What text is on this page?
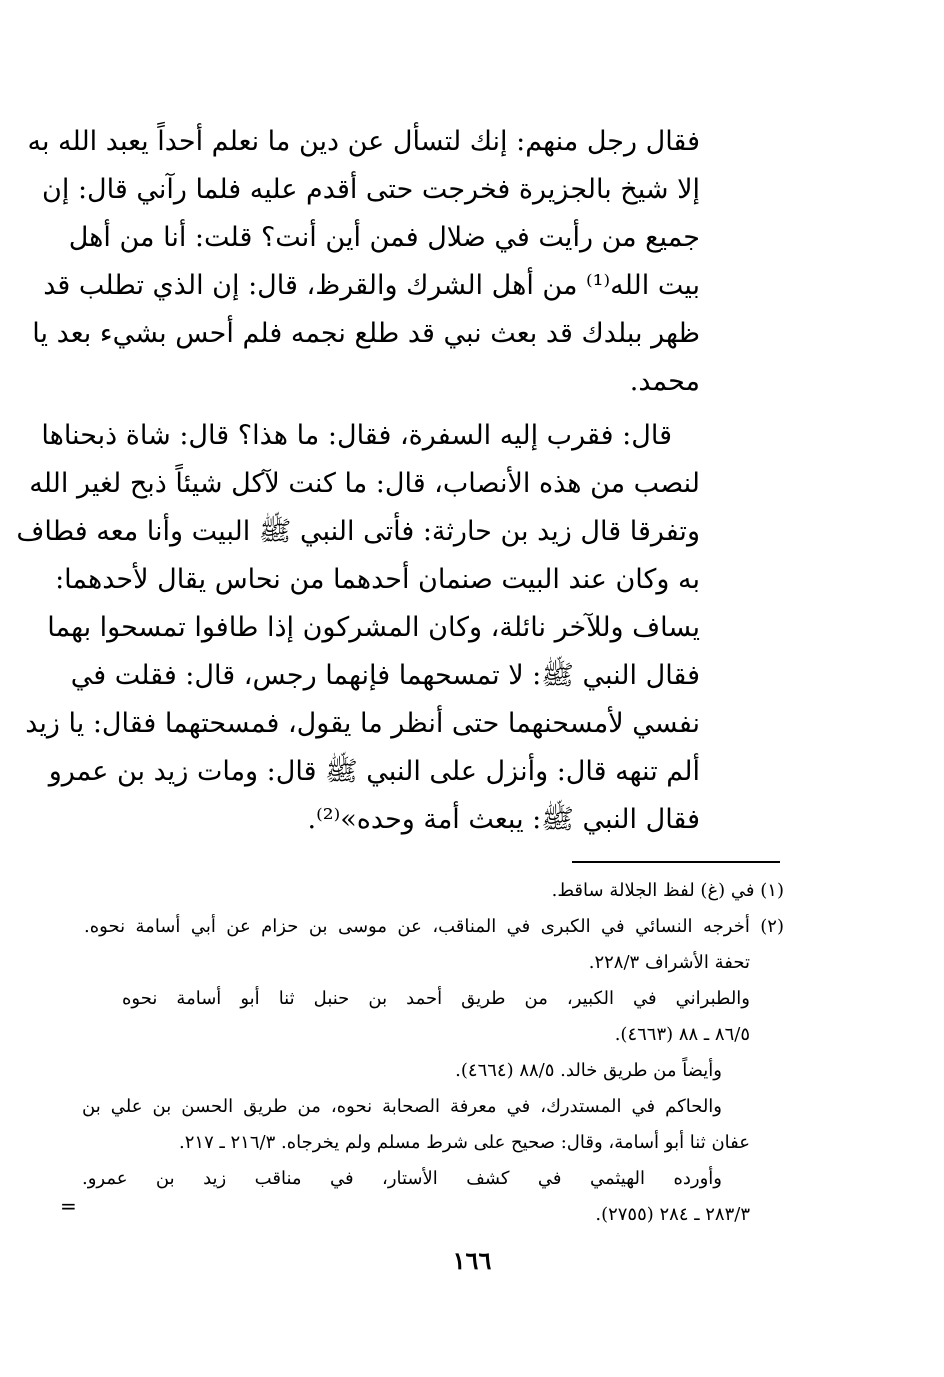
فقال رجل منهم: إنك لتسأل عن دين ما نعلم أحداً يعبد الله به
إلا شيخ بالجزيرة فخرجت حتى أقدم عليه فلما رآني قال: إن
جميع من رأيت في ضلال فمن أين أنت؟ قلت: أنا من أهل
بيت الله⁽¹⁾ من أهل الشرك والقرظ، قال: إن الذي تطلب قد
ظهر ببلدك قد بعث نبي قد طلع نجمه فلم أحس بشيء بعد يا
محمد.
قال: فقرب إليه السفرة، فقال: ما هذا؟ قال: شاة ذبحناها
لنصب من هذه الأنصاب، قال: ما كنت لآكل شيئاً ذبح لغير الله
وتفرقا قال زيد بن حارثة: فأتى النبي ﷺ البيت وأنا معه فطاف
به وكان عند البيت صنمان أحدهما من نحاس يقال لأحدهما:
يساف وللآخر نائلة، وكان المشركون إذا طافوا تمسحوا بهما
فقال النبي ﷺ: لا تمسحهما فإنهما رجس، قال: فقلت في
نفسي لأمسحنهما حتى أنظر ما يقول، فمسحتهما فقال: يا زيد
ألم تنهه قال: وأنزل على النبي ﷺ قال: ومات زيد بن عمرو
فقال النبي ﷺ: يبعث أمة وحده»⁽²⁾.
(١) في (غ) لفظ الجلالة ساقط.
(٢) أخرجه النسائي في الكبرى في المناقب، عن موسى بن حزام عن أبي أسامة نحوه.
تحفة الأشراف ٢٢٨/٣.
والطبراني في الكبير، من طريق أحمد بن حنبل ثنا أبو أسامة نحوه
٨٦/٥ ـ ٨٨ (٤٦٦٣).
وأيضاً من طريق خالد. ٨٨/٥ (٤٦٦٤).
والحاكم في المستدرك، في معرفة الصحابة نحوه، من طريق الحسن بن علي بن
عفان ثنا أبو أسامة، وقال: صحيح على شرط مسلم ولم يخرجاه. ٢١٦/٣ ـ ٢١٧.
وأورده الهيثمي في كشف الأستار، في مناقب زيد بن عمرو.
٢٨٣/٣ ـ ٢٨٤ (٢٧٥٥).
=
١٦٦
